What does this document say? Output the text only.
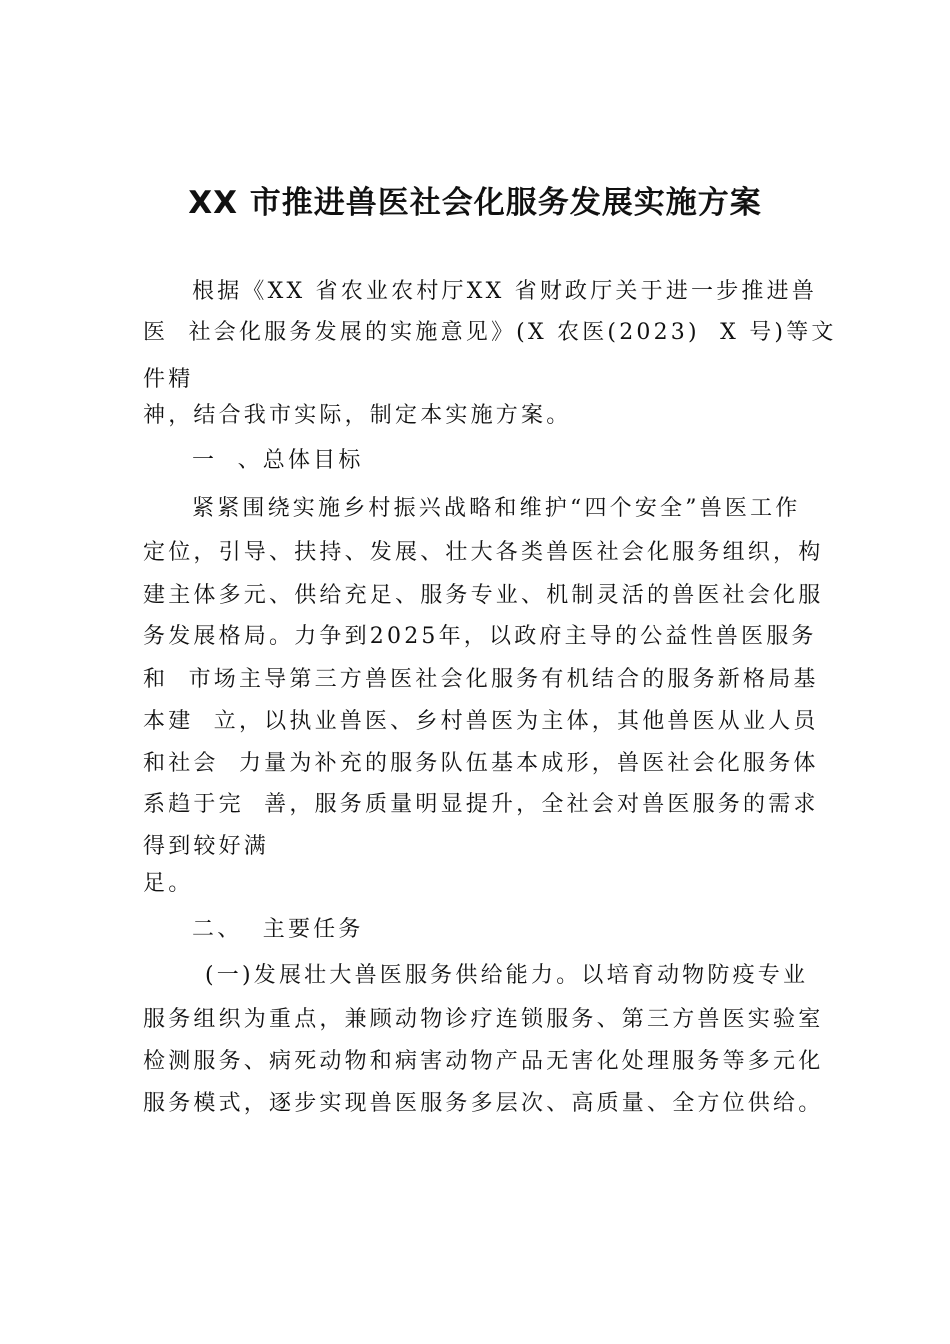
XX 市推进兽医社会化服务发展实施方案

根据《XX 省农业农村厅XX 省财政厅关于进一步推进兽

医  社会化服务发展的实施意见》(X 农医(2023)  X 号)等文

件精

神，结合我市实际，制定本实施方案。

一  、总体目标

紧紧围绕实施乡村振兴战略和维护“四个安全”兽医工作

定位，引导、扶持、发展、壮大各类兽医社会化服务组织，构

建主体多元、供给充足、服务专业、机制灵活的兽医社会化服

务发展格局。力争到2025年，以政府主导的公益性兽医服务

和  市场主导第三方兽医社会化服务有机结合的服务新格局基

本建  立，以执业兽医、乡村兽医为主体，其他兽医从业人员

和社会  力量为补充的服务队伍基本成形，兽医社会化服务体

系趋于完  善，服务质量明显提升，全社会对兽医服务的需求

得到较好满

足。

二、  主要任务

(一)发展壮大兽医服务供给能力。以培育动物防疫专业

服务组织为重点，兼顾动物诊疗连锁服务、第三方兽医实验室

检测服务、病死动物和病害动物产品无害化处理服务等多元化

服务模式，逐步实现兽医服务多层次、高质量、全方位供给。
